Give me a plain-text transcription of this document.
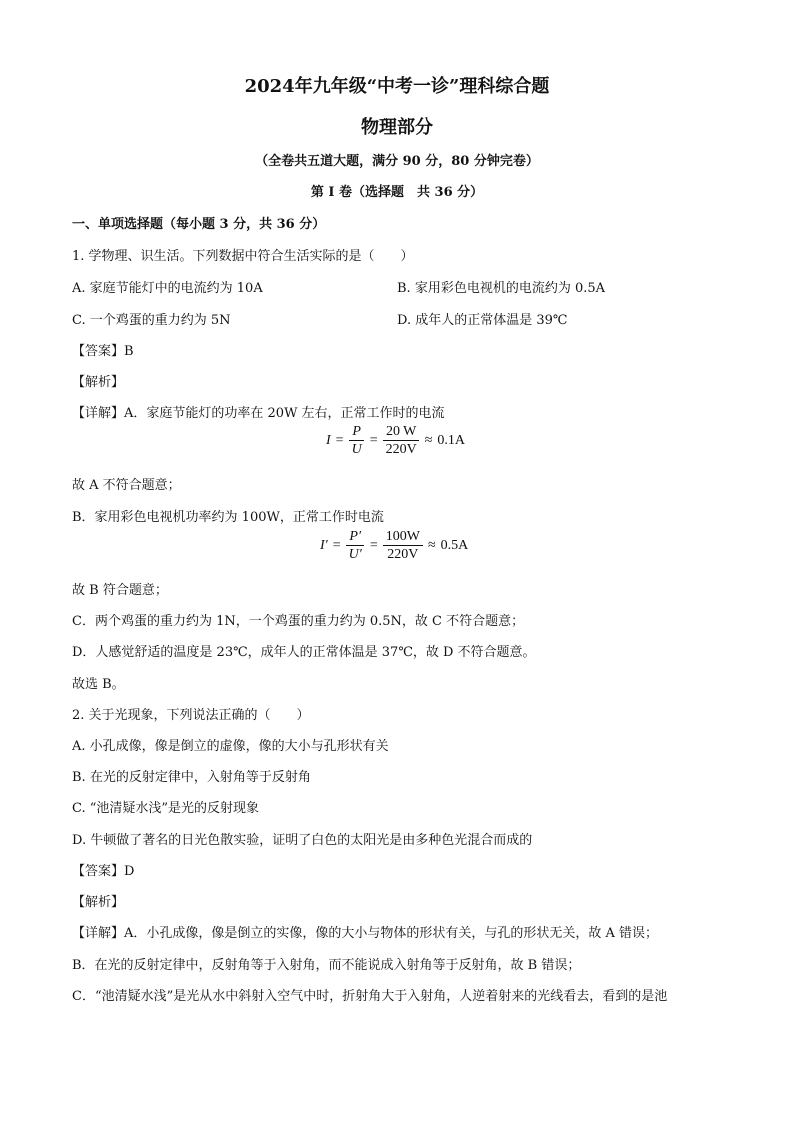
2024年九年级“中考一诊”理科综合题
物理部分
（全卷共五道大题，满分 90 分，80 分钟完卷）
第 I 卷（选择题　共 36 分）
一、单项选择题（每小题 3 分，共 36 分）
1. 学物理、识生活。下列数据中符合生活实际的是（　　）
A. 家庭节能灯中的电流约为 10A	B. 家用彩色电视机的电流约为 0.5A
C. 一个鸡蛋的重力约为 5N	D. 成年人的正常体温是 39℃
【答案】B
【解析】
【详解】A．家庭节能灯的功率在 20W 左右，正常工作时的电流
$I = \frac{P}{U} = \frac{20 W}{220V} \approx 0.1A$
故 A 不符合题意；
B．家用彩色电视机功率约为 100W，正常工作时电流
$I' = \frac{P'}{U'} = \frac{100W}{220V} \approx 0.5A$
故 B 符合题意；
C．两个鸡蛋的重力约为 1N，一个鸡蛋的重力约为 0.5N，故 C 不符合题意；
D．人感觉舒适的温度是 23℃，成年人的正常体温是 37℃，故 D 不符合题意。
故选 B。
2. 关于光现象，下列说法正确的（　　）
A. 小孔成像，像是倒立的虚像，像的大小与孔形状有关
B. 在光的反射定律中，入射角等于反射角
C. “池清疑水浅”是光的反射现象
D. 牛顿做了著名的日光色散实验，证明了白色的太阳光是由多种色光混合而成的
【答案】D
【解析】
【详解】A．小孔成像，像是倒立的实像，像的大小与物体的形状有关，与孔的形状无关，故 A 错误；
B．在光的反射定律中，反射角等于入射角，而不能说成入射角等于反射角，故 B 错误；
C．“池清疑水浅”是光从水中斜射入空气中时，折射角大于入射角，人逆着射来的光线看去，看到的是池
